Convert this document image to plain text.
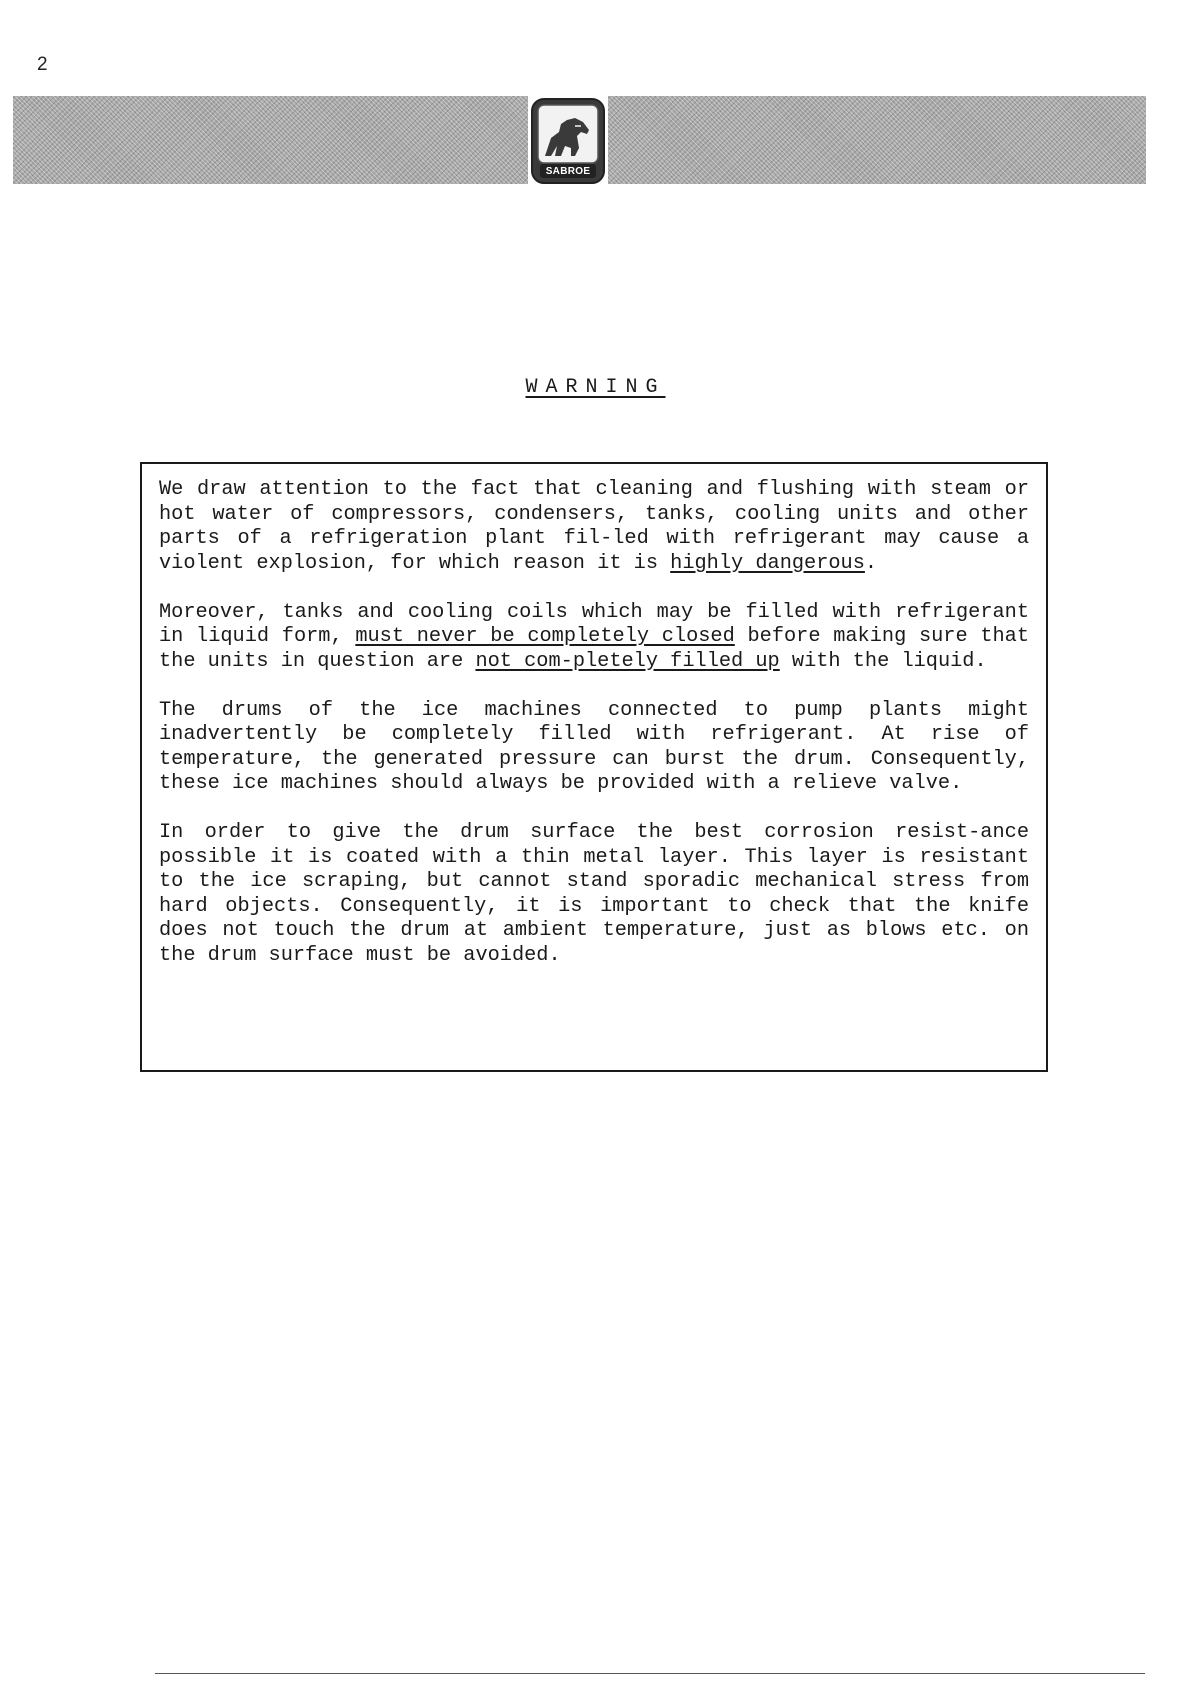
2
SABROE
WARNING

We draw attention to the fact that cleaning and flushing with steam or hot water of compressors, condensers, tanks, cooling units and other parts of a refrigeration plant fil-led with refrigerant may cause a violent explosion, for which reason it is highly dangerous.

Moreover, tanks and cooling coils which may be filled with refrigerant in liquid form, must never be completely closed before making sure that the units in question are not com-pletely filled up with the liquid.

The drums of the ice machines connected to pump plants might inadvertently be completely filled with refrigerant. At rise of temperature, the generated pressure can burst the drum. Consequently, these ice machines should always be provided with a relieve valve.

In order to give the drum surface the best corrosion resist-ance possible it is coated with a thin metal layer. This layer is resistant to the ice scraping, but cannot stand sporadic mechanical stress from hard objects. Consequently, it is important to check that the knife does not touch the drum at ambient temperature, just as blows etc. on the drum surface must be avoided.
